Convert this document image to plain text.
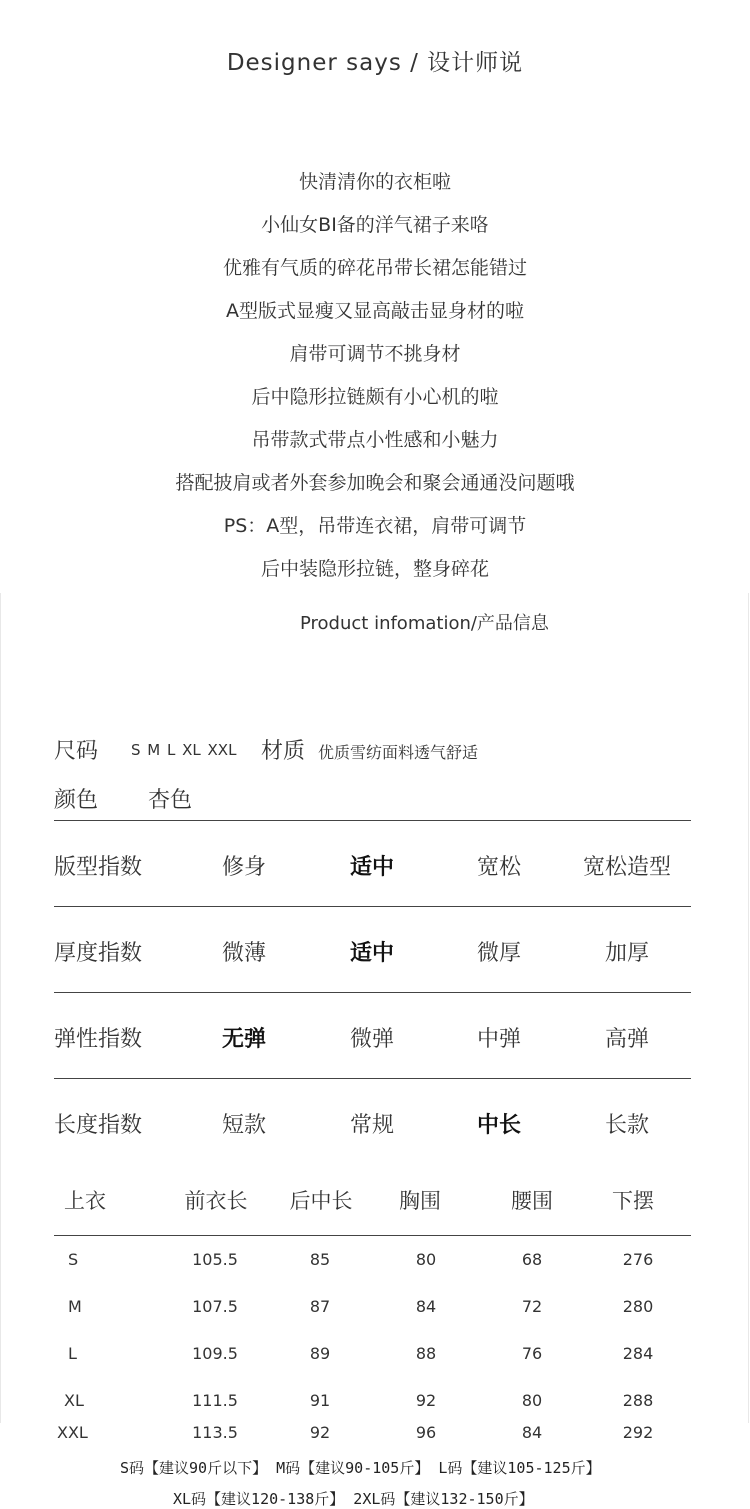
Designer says / 设计师说
快清清你的衣柜啦
小仙女BI备的洋气裙子来咯
优雅有气质的碎花吊带长裙怎能错过
A型版式显瘦又显高敲击显身材的啦
肩带可调节不挑身材
后中隐形拉链颇有小心机的啦
吊带款式带点小性感和小魅力
搭配披肩或者外套参加晚会和聚会通通没问题哦
PS：A型，吊带连衣裙，肩带可调节
后中装隐形拉链，整身碎花
Product infomation/产品信息
尺码 S M L XL XXL 材质 优质雪纺面料透气舒适
颜色 杏色
版型指数	修身	适中	宽松	宽松造型
厚度指数	微薄	适中	微厚	加厚
弹性指数	无弹	微弹	中弹	高弹
长度指数	短款	常规	中长	长款
上衣	前衣长	后中长	胸围	腰围	下摆
S	105.5	85	80	68	276
M	107.5	87	84	72	280
L	109.5	89	88	76	284
XL	111.5	91	92	80	288
XXL	113.5	92	96	84	292
S码【建议90斤以下】 M码【建议90-105斤】 L码【建议105-125斤】
XL码【建议120-138斤】 2XL码【建议132-150斤】
